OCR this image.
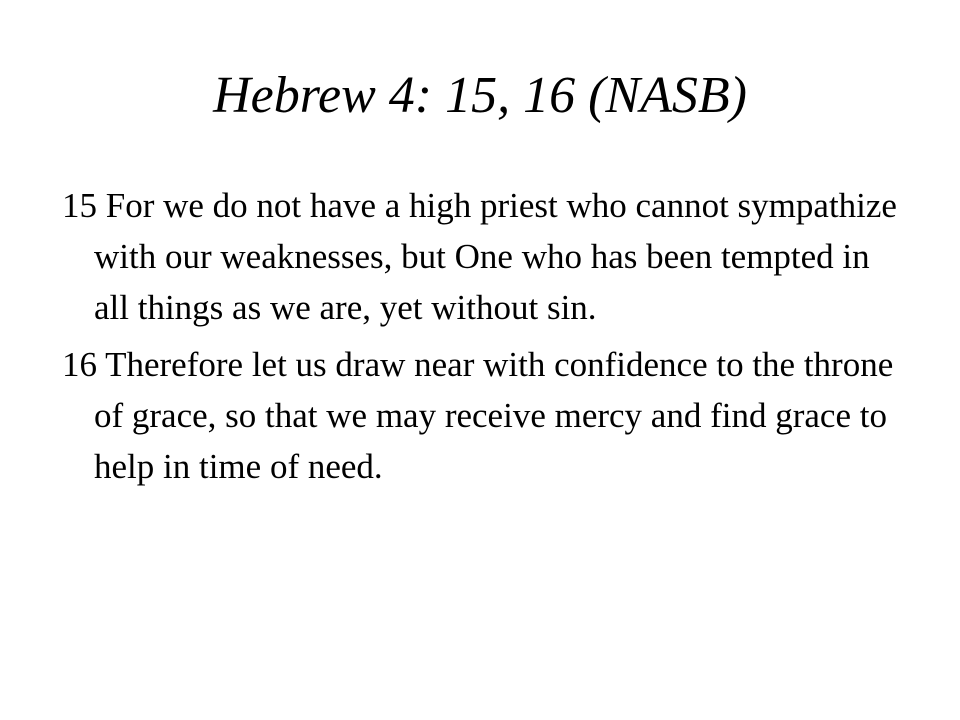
Hebrew 4: 15, 16 (NASB)

15 For we do not have a high priest who cannot sympathize with our weaknesses, but One who has been tempted in all things as we are, yet without sin.

16 Therefore let us draw near with confidence to the throne of grace, so that we may receive mercy and find grace to help in time of need.
